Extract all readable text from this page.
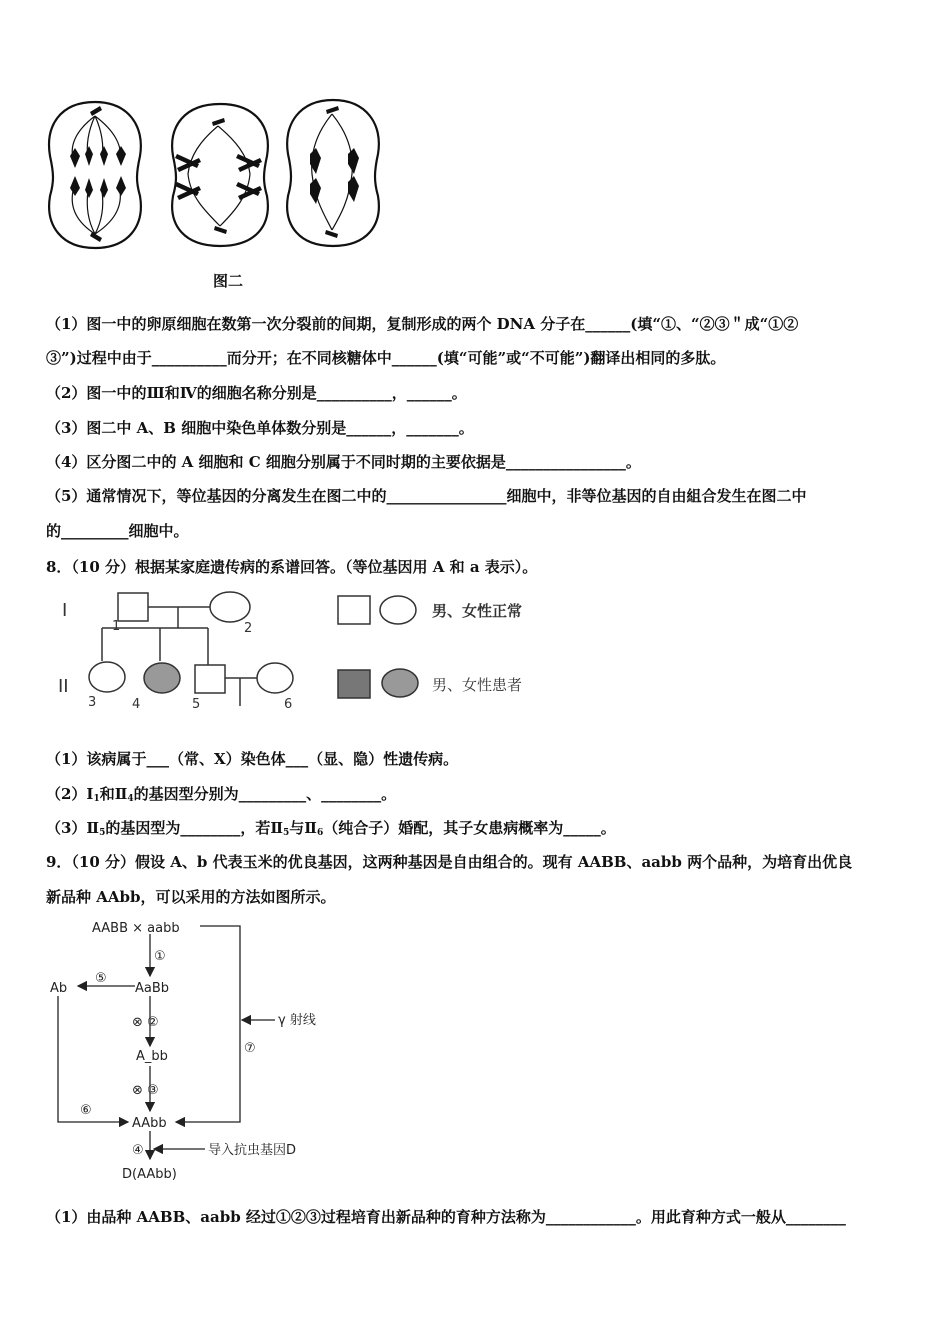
图二
（1）图一中的卵原细胞在数第一次分裂前的间期，复制形成的两个 DNA 分子在______(填“①、“②③＂成“①②
③”)过程中由于__________而分开；在不同核糖体中______(填“可能”或“不可能”)翻译出相同的多肽。
（2）图一中的Ⅲ和Ⅳ的细胞名称分别是__________，______。
（3）图二中 A、B 细胞中染色单体数分别是______，_______。
（4）区分图二中的 A 细胞和 C 细胞分别属于不同时期的主要依据是________________。
（5）通常情况下，等位基因的分离发生在图二中的________________细胞中，非等位基因的自由組合发生在图二中
的_________细胞中。
8．（10 分）根据某家庭遗传病的系谱回答。（等位基因用 A 和 a 表示）。
I
II
1	2
3	4	5	6
男、女性正常
男、女性患者
（1）该病属于___（常、X）染色体___（显、隐）性遗传病。
$(2)Ⅰ_1$和$Ⅱ_4$的基因型分别为_________、________。
$(3)Ⅱ_5$的基因型为________，若$Ⅱ_5$与$Ⅱ_6$（纯合子）婚配，其子女患病概率为_____。
9．（10 分）假设 A、b 代表玉米的优良基因，这两种基因是自由组合的。现有 AABB、aabb 两个品种，为培育出优良
新品种 AAbb，可以采用的方法如图所示。
AABB × aabb
①
AaBb
Ab
⑤
⊗ ②
A_bb
⊗ ③
AAbb
⑥
⑦
γ 射线
④	导入抗虫基因D
D(AAbb)
（1）由品种 AABB、aabb 经过①②③过程培育出新品种的育种方法称为____________。用此育种方式一般从________
